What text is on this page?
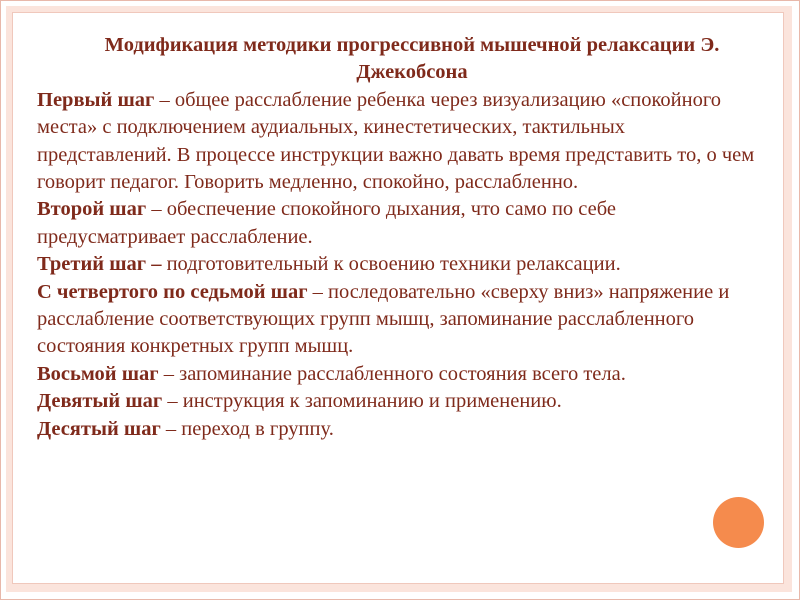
Модификация методики прогрессивной мышечной релаксации Э. Джекобсона

Первый шаг – общее расслабление ребенка через визуализацию «спокойного места» с подключением аудиальных, кинестетических, тактильных представлений. В процессе инструкции важно давать время представить то, о чем говорит педагог. Говорить медленно, спокойно, расслабленно.

Второй шаг – обеспечение спокойного дыхания, что само по себе предусматривает расслабление.

Третий шаг – подготовительный к освоению техники релаксации.

С четвертого по седьмой шаг – последовательно «сверху вниз» напряжение и расслабление соответствующих групп мышц, запоминание расслабленного состояния конкретных групп мышц.

Восьмой шаг – запоминание расслабленного состояния всего тела.

Девятый шаг – инструкция к запоминанию и применению.

Десятый шаг – переход в группу.
